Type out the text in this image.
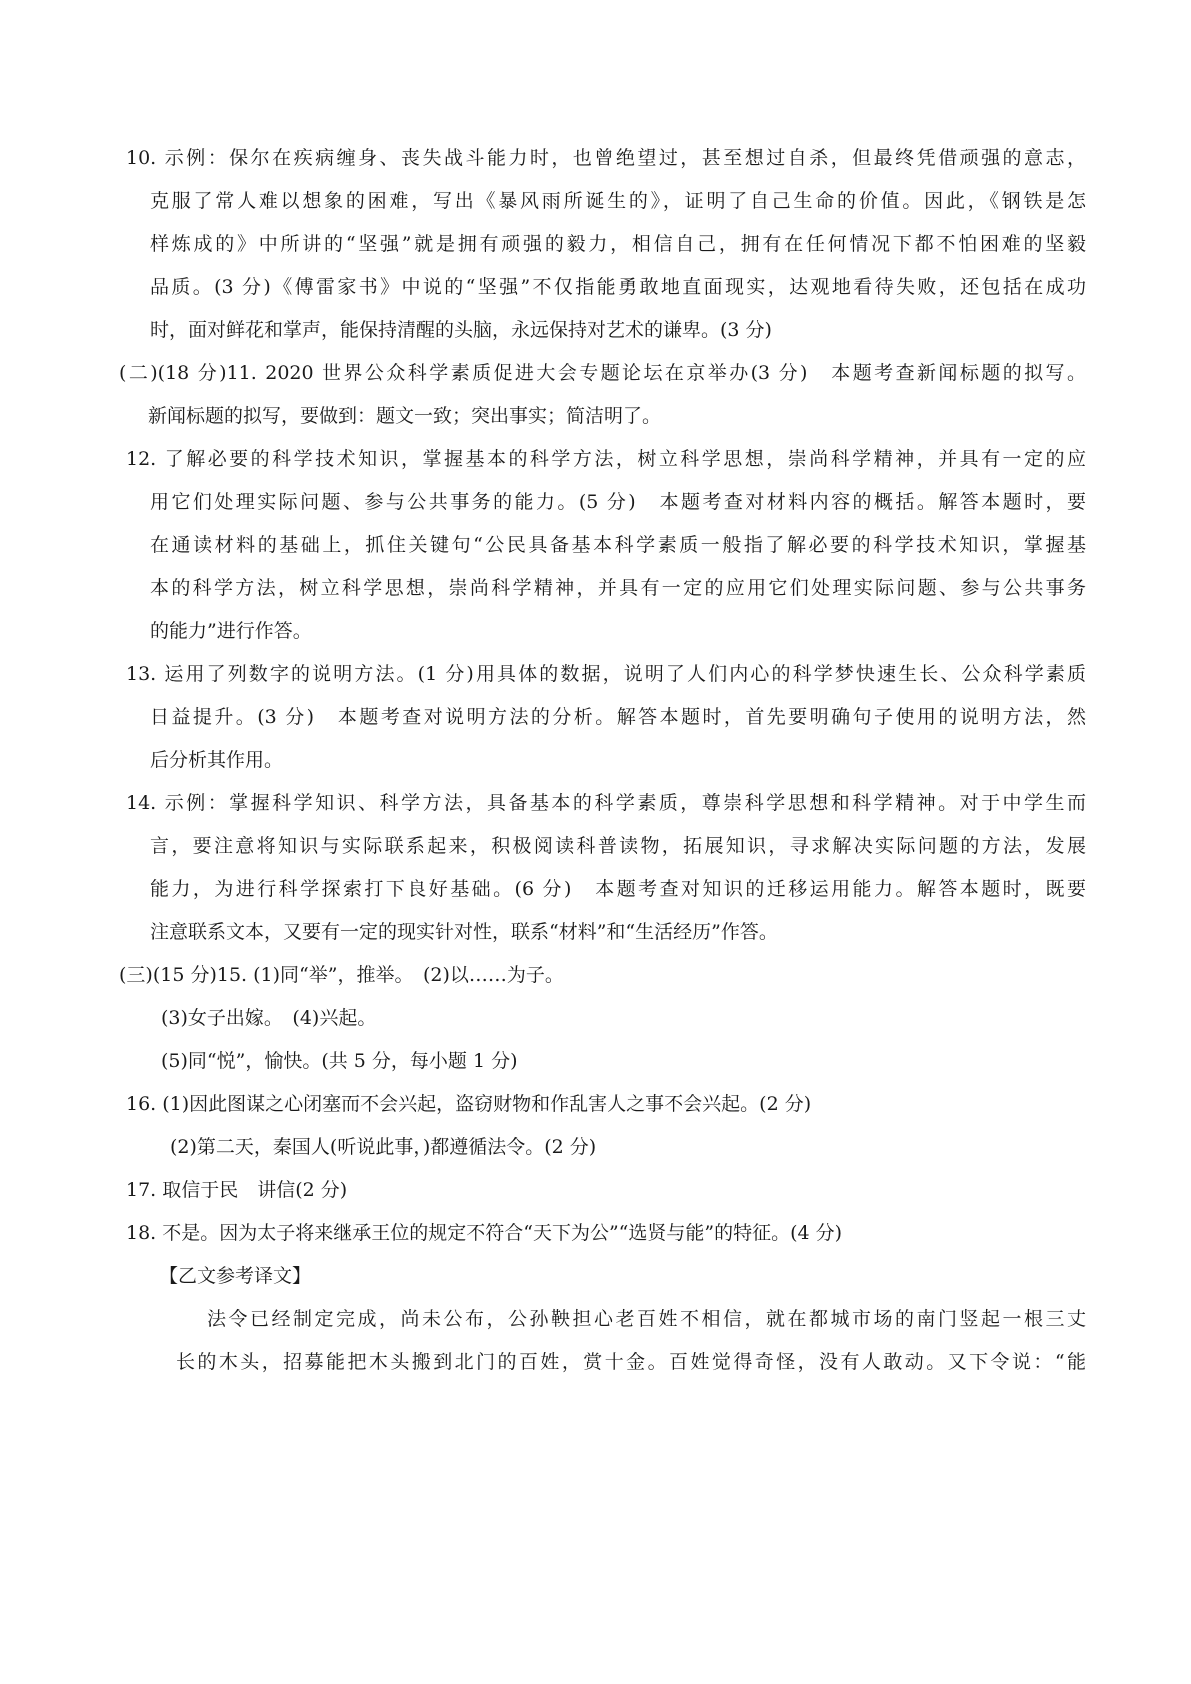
10. 示例：保尔在疾病缠身、丧失战斗能力时，也曾绝望过，甚至想过自杀，但最终凭借顽强的意志，
克服了常人难以想象的困难，写出《暴风雨所诞生的》，证明了自己生命的价值。因此，《钢铁是怎
样炼成的》中所讲的“坚强”就是拥有顽强的毅力，相信自己，拥有在任何情况下都不怕困难的坚毅
品质。(3 分)《傅雷家书》中说的“坚强”不仅指能勇敢地直面现实，达观地看待失败，还包括在成功
时，面对鲜花和掌声，能保持清醒的头脑，永远保持对艺术的谦卑。(3 分)
(二)(18 分)11. 2020 世界公众科学素质促进大会专题论坛在京举办(3 分)　本题考查新闻标题的拟写。
新闻标题的拟写，要做到：题文一致；突出事实；简洁明了。
12. 了解必要的科学技术知识，掌握基本的科学方法，树立科学思想，崇尚科学精神，并具有一定的应
用它们处理实际问题、参与公共事务的能力。(5 分)　本题考查对材料内容的概括。解答本题时，要
在通读材料的基础上，抓住关键句“公民具备基本科学素质一般指了解必要的科学技术知识，掌握基
本的科学方法，树立科学思想，崇尚科学精神，并具有一定的应用它们处理实际问题、参与公共事务
的能力”进行作答。
13. 运用了列数字的说明方法。(1 分)用具体的数据，说明了人们内心的科学梦快速生长、公众科学素质
日益提升。(3 分)　本题考查对说明方法的分析。解答本题时，首先要明确句子使用的说明方法，然
后分析其作用。
14. 示例：掌握科学知识、科学方法，具备基本的科学素质，尊崇科学思想和科学精神。对于中学生而
言，要注意将知识与实际联系起来，积极阅读科普读物，拓展知识，寻求解决实际问题的方法，发展
能力，为进行科学探索打下良好基础。(6 分)　本题考查对知识的迁移运用能力。解答本题时，既要
注意联系文本，又要有一定的现实针对性，联系“材料”和“生活经历”作答。
(三)(15 分)15. (1)同“举”，推举。　(2)以……为子。
(3)女子出嫁。　(4)兴起。
(5)同“悦”，愉快。(共 5 分，每小题 1 分)
16. (1)因此图谋之心闭塞而不会兴起，盗窃财物和作乱害人之事不会兴起。(2 分)
(2)第二天，秦国人(听说此事，)都遵循法令。(2 分)
17. 取信于民　讲信(2 分)
18. 不是。因为太子将来继承王位的规定不符合“天下为公”“选贤与能”的特征。(4 分)
【乙文参考译文】
法令已经制定完成，尚未公布，公孙鞅担心老百姓不相信，就在都城市场的南门竖起一根三丈
长的木头，招募能把木头搬到北门的百姓，赏十金。百姓觉得奇怪，没有人敢动。又下令说：“能
